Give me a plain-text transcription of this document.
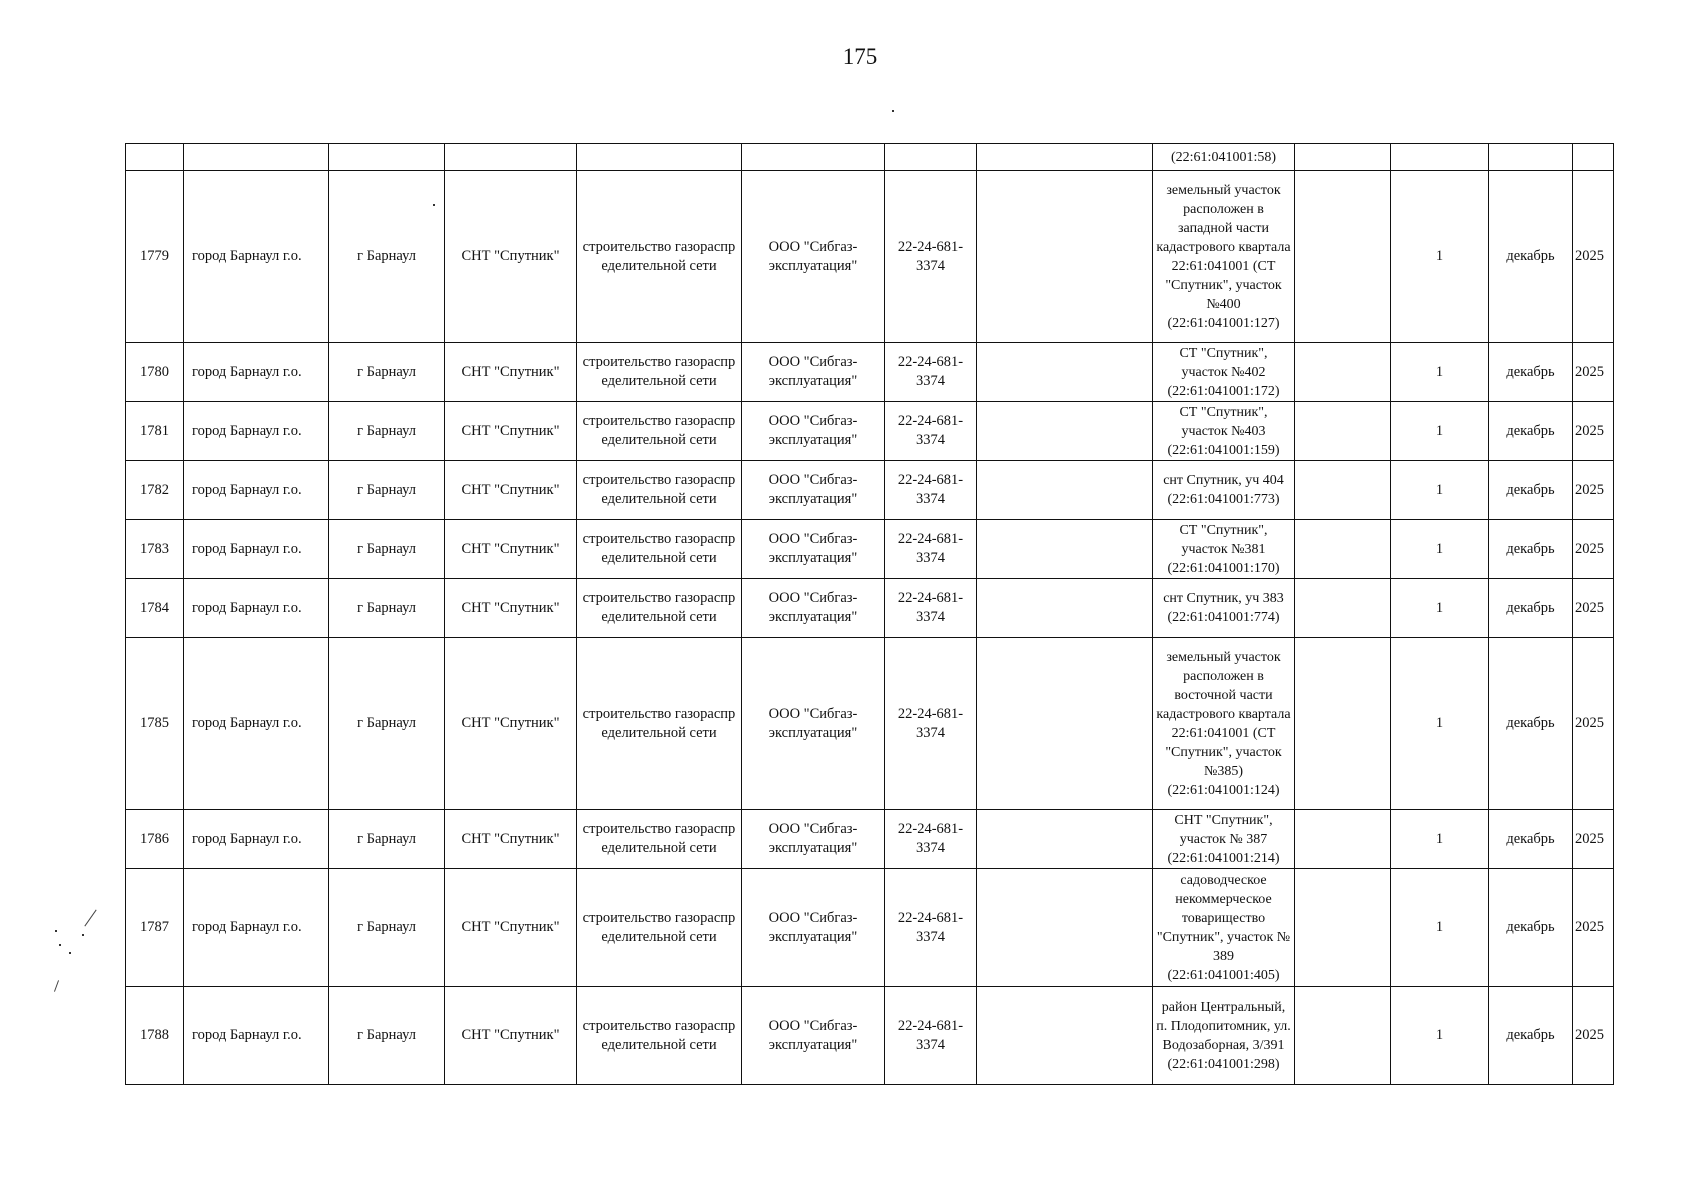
175
								(22:61:041001:58)				
1779	город Барнаул г.о.	г Барнаул	СНТ "Спутник"	строительство газораспределительной сети	ООО "Сибгаз-эксплуатация"	22-24-681-3374		земельный участок расположен в западной части кадастрового квартала 22:61:041001 (СТ "Спутник", участок №400 (22:61:041001:127)		1	декабрь	2025
1780	город Барнаул г.о.	г Барнаул	СНТ "Спутник"	строительство газораспределительной сети	ООО "Сибгаз-эксплуатация"	22-24-681-3374		СТ "Спутник", участок №402 (22:61:041001:172)		1	декабрь	2025
1781	город Барнаул г.о.	г Барнаул	СНТ "Спутник"	строительство газораспределительной сети	ООО "Сибгаз-эксплуатация"	22-24-681-3374		СТ "Спутник", участок №403 (22:61:041001:159)		1	декабрь	2025
1782	город Барнаул г.о.	г Барнаул	СНТ "Спутник"	строительство газораспределительной сети	ООО "Сибгаз-эксплуатация"	22-24-681-3374		снт Спутник, уч 404 (22:61:041001:773)		1	декабрь	2025
1783	город Барнаул г.о.	г Барнаул	СНТ "Спутник"	строительство газораспределительной сети	ООО "Сибгаз-эксплуатация"	22-24-681-3374		СТ "Спутник", участок №381 (22:61:041001:170)		1	декабрь	2025
1784	город Барнаул г.о.	г Барнаул	СНТ "Спутник"	строительство газораспределительной сети	ООО "Сибгаз-эксплуатация"	22-24-681-3374		снт Спутник, уч 383 (22:61:041001:774)		1	декабрь	2025
1785	город Барнаул г.о.	г Барнаул	СНТ "Спутник"	строительство газораспределительной сети	ООО "Сибгаз-эксплуатация"	22-24-681-3374		земельный участок расположен в восточной части кадастрового квартала 22:61:041001 (СТ "Спутник", участок №385) (22:61:041001:124)		1	декабрь	2025
1786	город Барнаул г.о.	г Барнаул	СНТ "Спутник"	строительство газораспределительной сети	ООО "Сибгаз-эксплуатация"	22-24-681-3374		СНТ "Спутник", участок № 387 (22:61:041001:214)		1	декабрь	2025
1787	город Барнаул г.о.	г Барнаул	СНТ "Спутник"	строительство газораспределительной сети	ООО "Сибгаз-эксплуатация"	22-24-681-3374		садоводческое некоммерческое товарищество "Спутник", участок № 389 (22:61:041001:405)		1	декабрь	2025
1788	город Барнаул г.о.	г Барнаул	СНТ "Спутник"	строительство газораспределительной сети	ООО "Сибгаз-эксплуатация"	22-24-681-3374		район Центральный, п. Плодопитомник, ул. Водозаборная, 3/391 (22:61:041001:298)		1	декабрь	2025
